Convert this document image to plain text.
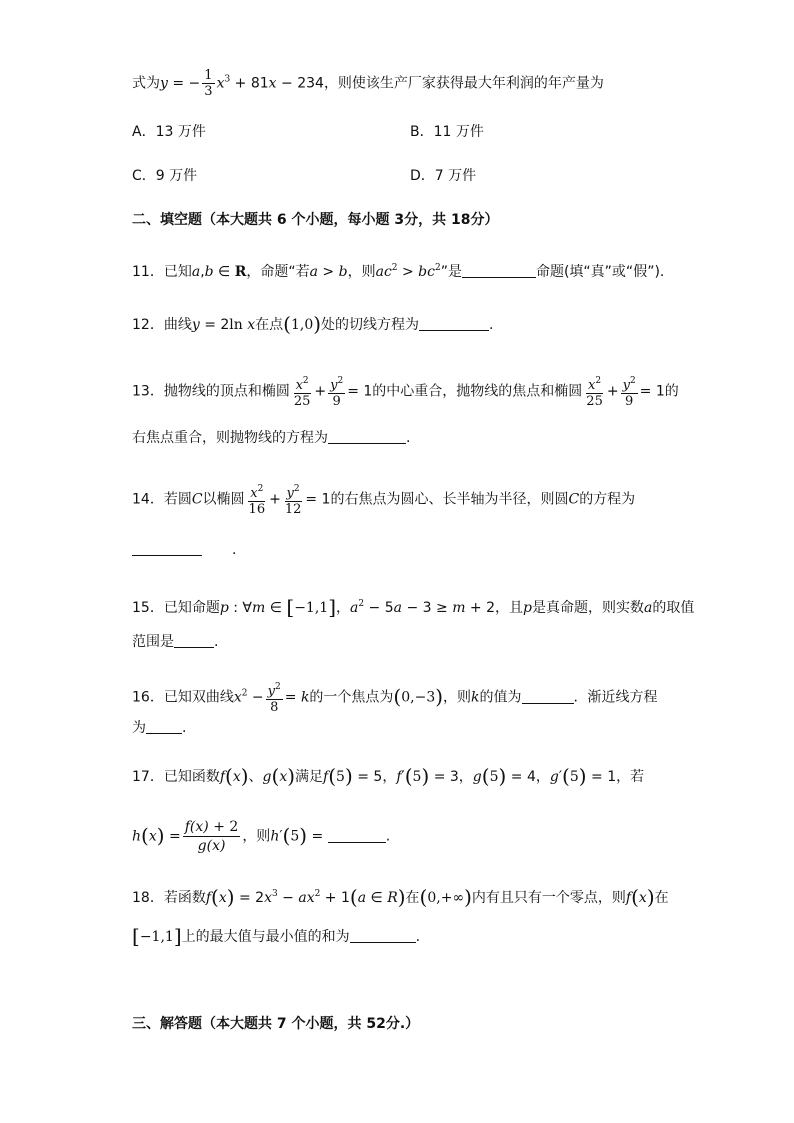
式为y = − $\frac{1}{3} x^3 + 81x - 234$，则使该生产厂家获得最大年利润的年产量为
A．13 万件	B．11 万件
C．9 万件	D．7 万件
二、填空题（本大题共 6 个小题，每小题 3分，共 18分）
11．已知a,b ∈ R，命题“若a > b，则$ac^2 > bc^2$”是	命题(填“真”或“假”).
12．曲线y = 2ln x在点(1,0)处的切线方程为	.
13．抛物线的顶点和椭圆 $\frac{x^2}{25} + \frac{y^2}{9} = 1$的中心重合，抛物线的焦点和椭圆 $\frac{x^2}{25} + \frac{y^2}{9} = 1$的
右焦点重合，则抛物线的方程为	.
14．若圆C以椭圆 $\frac{x^2}{16} + \frac{y^2}{12} = 1$的右焦点为圆心、长半轴为半径，则圆C的方程为
.
15．已知命题p : ∀m ∈ [−1,1]，$a^2 - 5a - 3 \ge m + 2$，且p是真命题，则实数a的取值
范围是	.
16．已知双曲线$x^2 - \frac{y^2}{8} = k$的一个焦点为(0,−3)，则k的值为	．渐近线方程
为	.
17．已知函数f(x)、g(x)满足f(5) = 5，f′(5) = 3，g(5) = 4，g′(5) = 1，若
$h(x) = \frac{f(x) + 2}{g(x)}$ ，则h′(5) =	.
18．若函数$f(x) = 2x^3 - ax^2 + 1(a$ ∈ R)在(0,+∞)内有且只有一个零点，则f(x)在
[−1,1]上的最大值与最小值的和为	.
三、解答题（本大题共 7 个小题，共 52分.）
